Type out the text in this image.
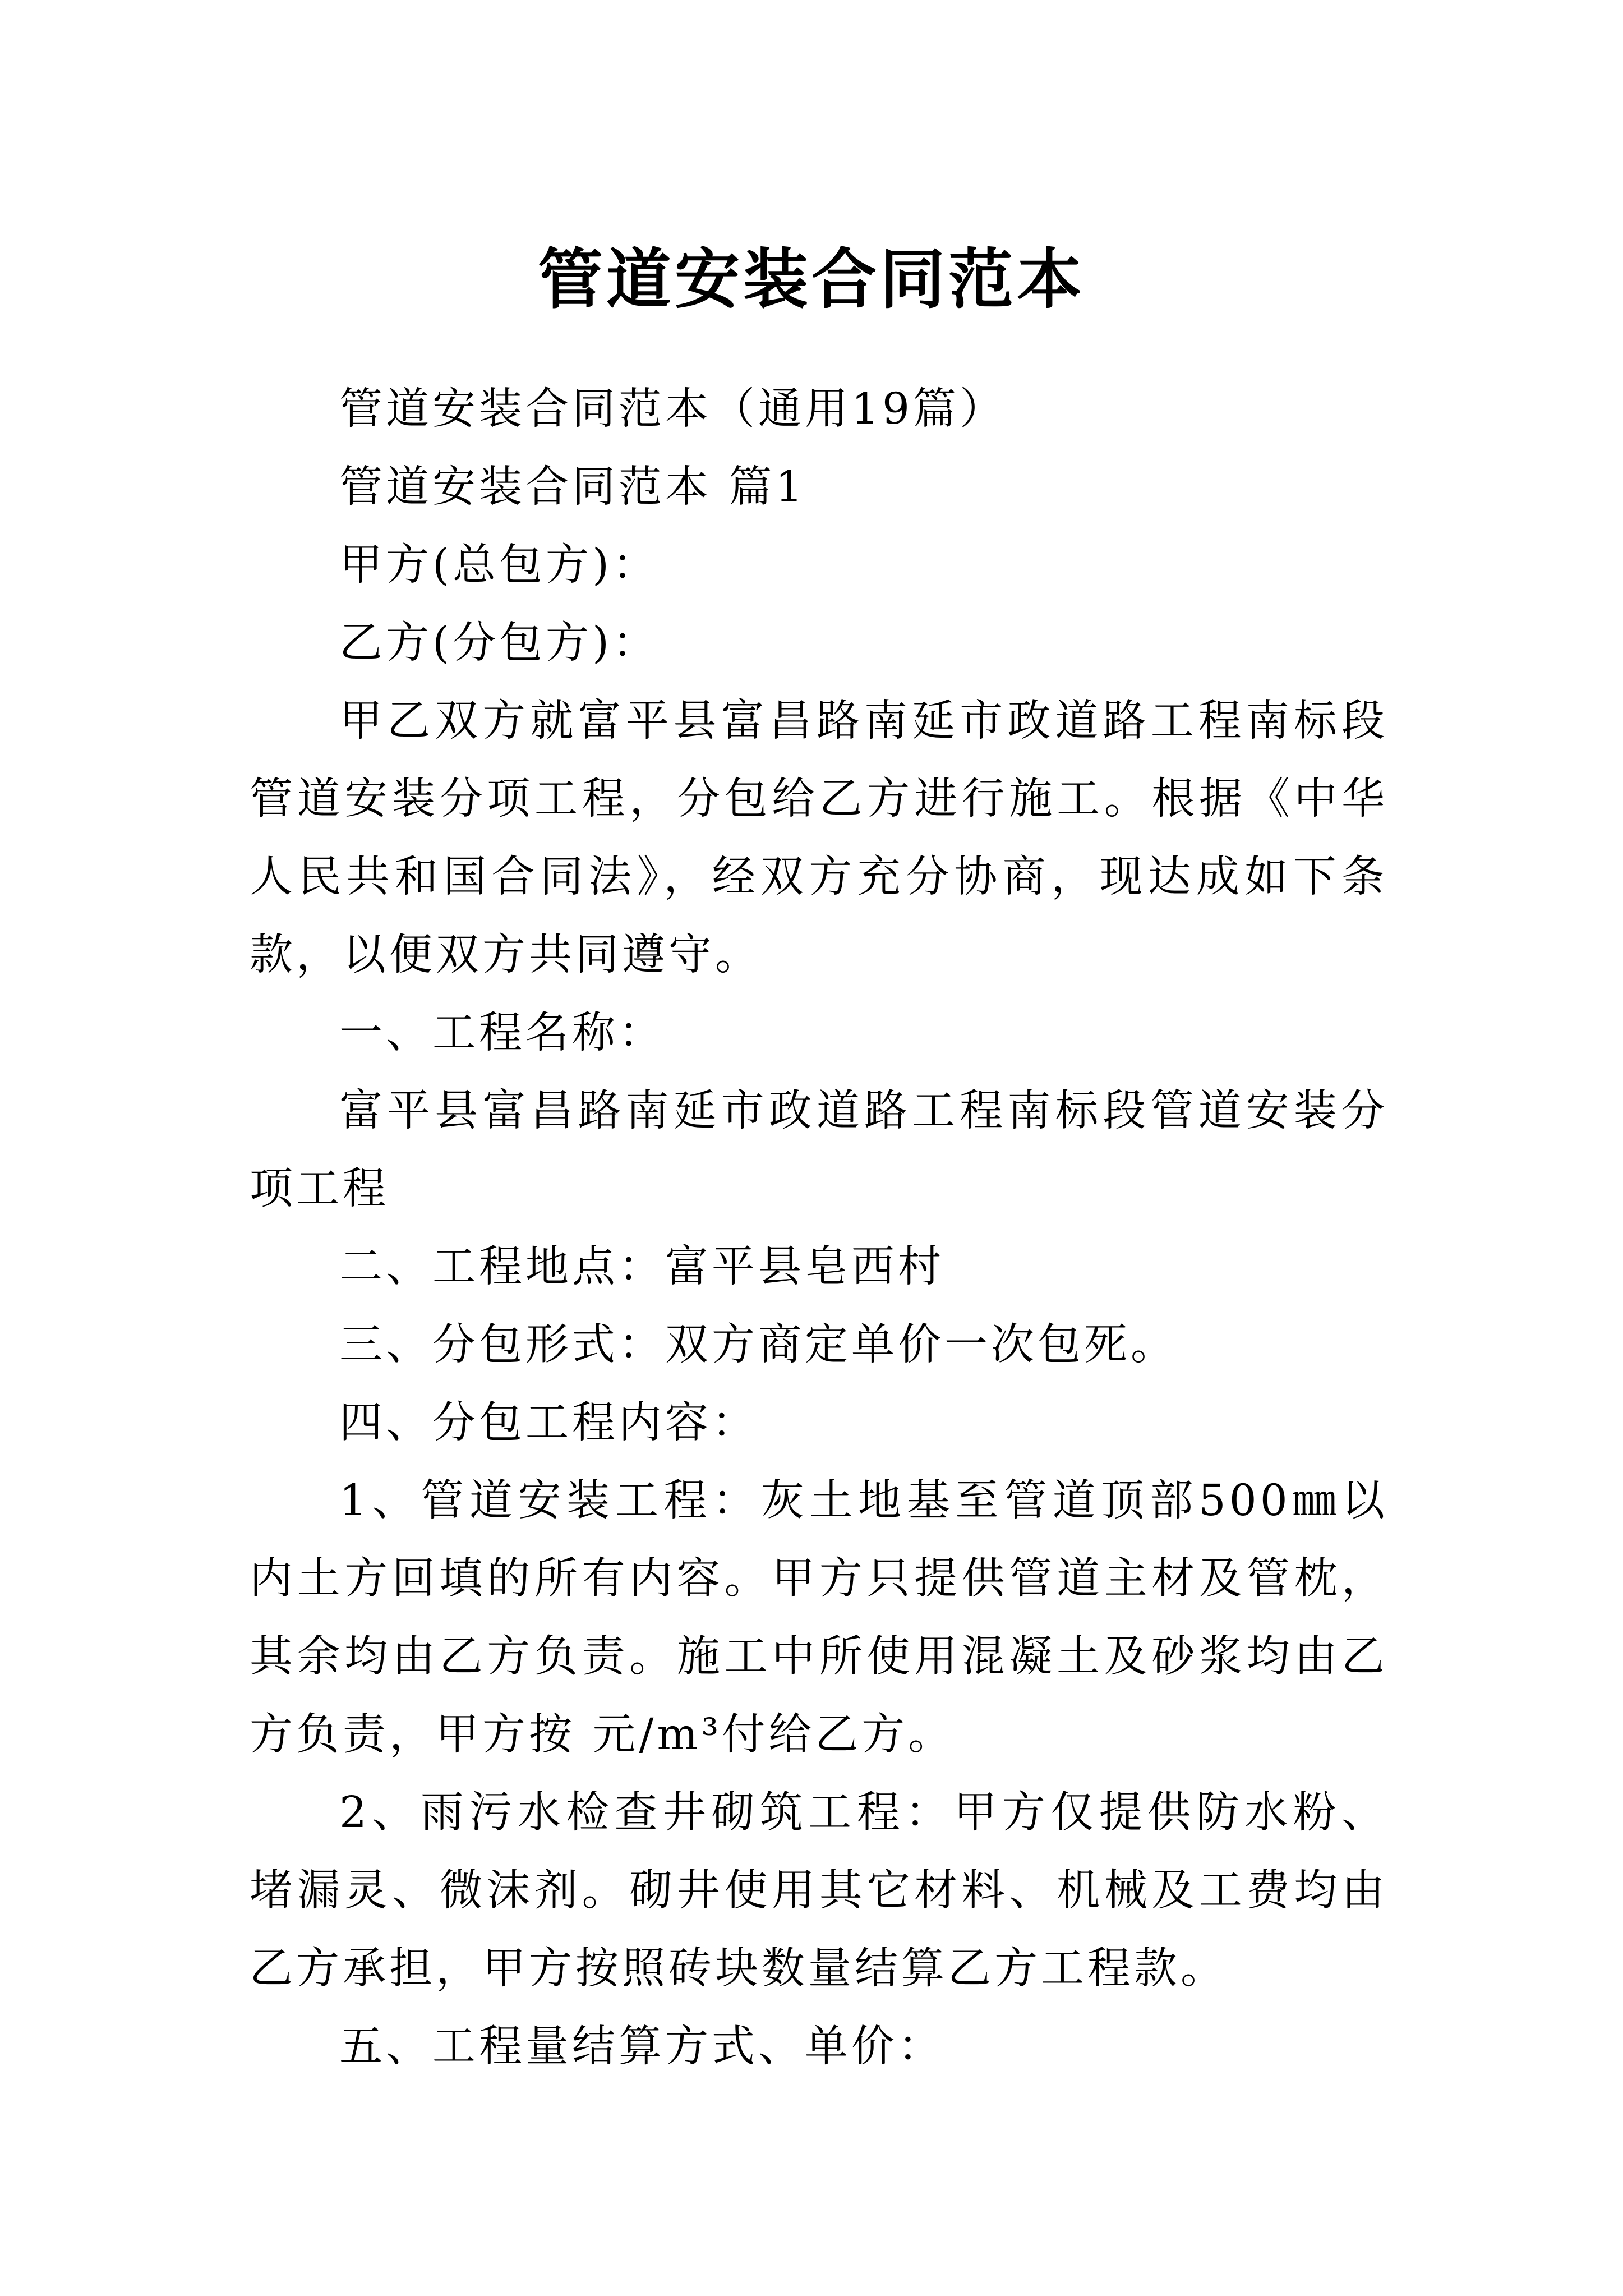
管道安装合同范本

管道安装合同范本（通用19篇）

管道安装合同范本 篇1

甲方(总包方)：

乙方(分包方)：

甲乙双方就富平县富昌路南延市政道路工程南标段管道安装分项工程，分包给乙方进行施工。根据《中华人民共和国合同法》，经双方充分协商，现达成如下条款，以便双方共同遵守。

一、工程名称：

富平县富昌路南延市政道路工程南标段管道安装分项工程

二、工程地点：富平县皂西村

三、分包形式：双方商定单价一次包死。

四、分包工程内容：

1、管道安装工程：灰土地基至管道顶部500㎜以内土方回填的所有内容。甲方只提供管道主材及管枕，其余均由乙方负责。施工中所使用混凝土及砂浆均由乙方负责，甲方按 元/m³付给乙方。

2、雨污水检查井砌筑工程：甲方仅提供防水粉、堵漏灵、微沫剂。砌井使用其它材料、机械及工费均由乙方承担，甲方按照砖块数量结算乙方工程款。

五、工程量结算方式、单价：
